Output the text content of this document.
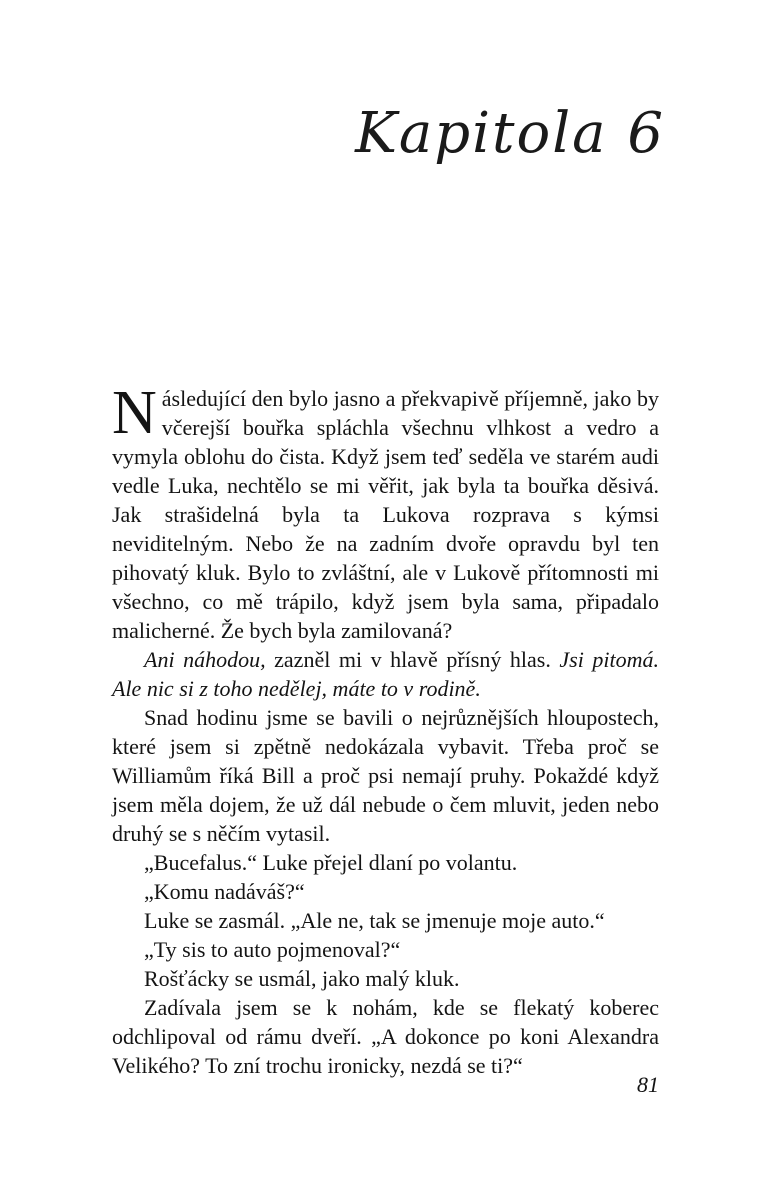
Kapitola 6

Následující den bylo jasno a překvapivě příjemně, jako by včerejší bouřka spláchla všechnu vlhkost a vedro a vymyla oblohu do čista. Když jsem teď seděla ve starém audi vedle Luka, nechtělo se mi věřit, jak byla ta bouřka děsivá. Jak strašidelná byla ta Lukova rozprava s kýmsi neviditelným. Nebo že na zadním dvoře opravdu byl ten pihovatý kluk. Bylo to zvláštní, ale v Lukově přítomnosti mi všechno, co mě trápilo, když jsem byla sama, připadalo malicherné. Že bych byla zamilovaná?

Ani náhodou, zazněl mi v hlavě přísný hlas. Jsi pitomá. Ale nic si z toho nedělej, máte to v rodině.

Snad hodinu jsme se bavili o nejrůznějších hloupostech, které jsem si zpětně nedokázala vybavit. Třeba proč se Williamům říká Bill a proč psi nemají pruhy. Pokaždé když jsem měla dojem, že už dál nebude o čem mluvit, jeden nebo druhý se s něčím vytasil.

„Bucefalus.“ Luke přejel dlaní po volantu.

„Komu nadáváš?“

Luke se zasmál. „Ale ne, tak se jmenuje moje auto.“

„Ty sis to auto pojmenoval?“

Rošťácky se usmál, jako malý kluk.

Zadívala jsem se k nohám, kde se flekatý koberec odchlipoval od rámu dveří. „A dokonce po koni Alexandra Velikého? To zní trochu ironicky, nezdá se ti?“

81
